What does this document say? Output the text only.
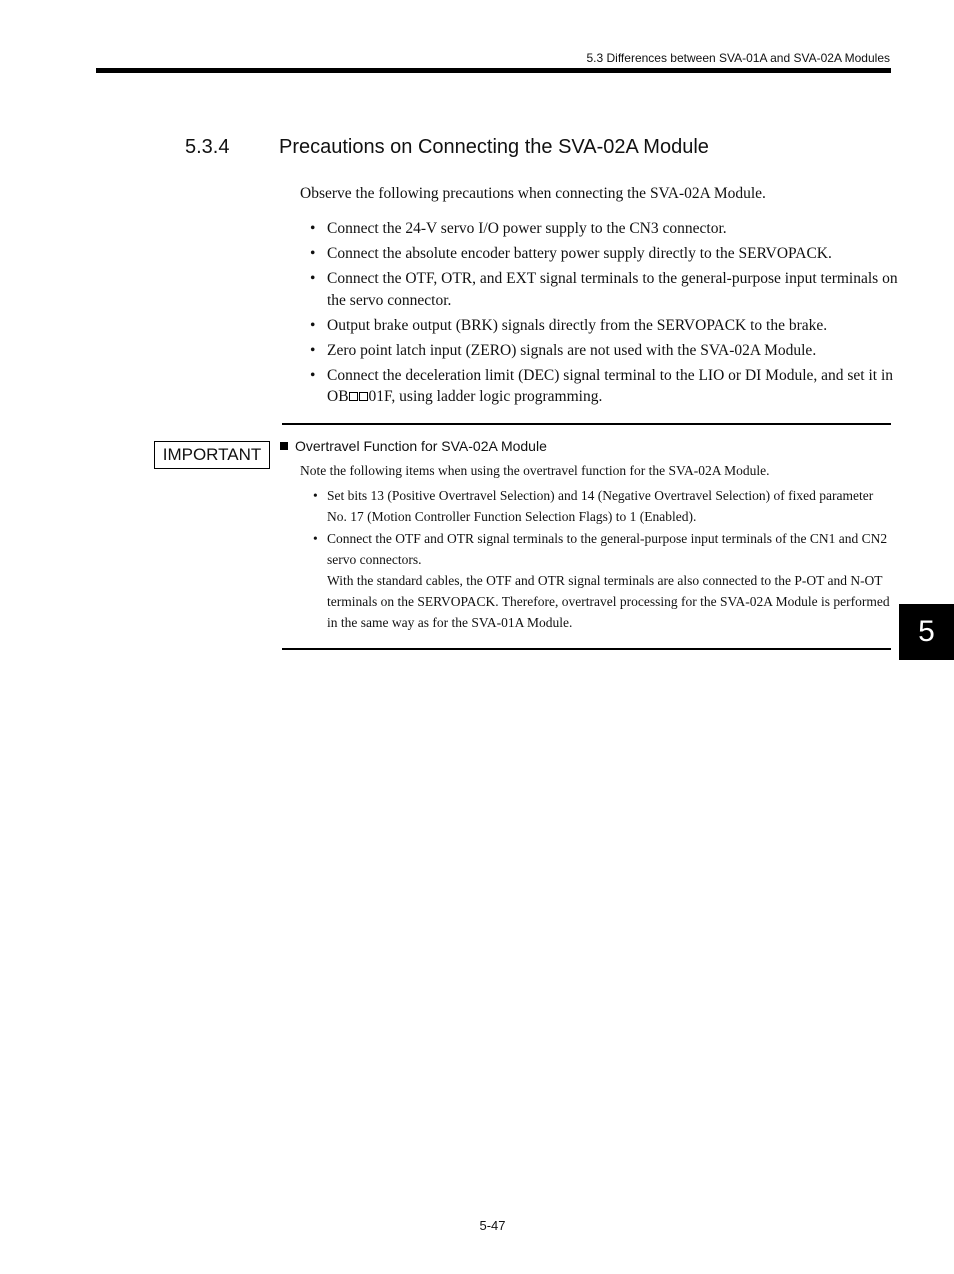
5.3 Differences between SVA-01A and SVA-02A Modules
5.3.4 Precautions on Connecting the SVA-02A Module
Observe the following precautions when connecting the SVA-02A Module.
• Connect the 24-V servo I/O power supply to the CN3 connector.
• Connect the absolute encoder battery power supply directly to the SERVOPACK.
• Connect the OTF, OTR, and EXT signal terminals to the general-purpose input terminals on the servo connector.
• Output brake output (BRK) signals directly from the SERVOPACK to the brake.
• Zero point latch input (ZERO) signals are not used with the SVA-02A Module.
• Connect the deceleration limit (DEC) signal terminal to the LIO or DI Module, and set it in OB 01F, using ladder logic programming.
IMPORTANT	Overtravel Function for SVA-02A Module
Note the following items when using the overtravel function for the SVA-02A Module.
• Set bits 13 (Positive Overtravel Selection) and 14 (Negative Overtravel Selection) of fixed parameter No. 17 (Motion Controller Function Selection Flags) to 1 (Enabled).
• Connect the OTF and OTR signal terminals to the general-purpose input terminals of the CN1 and CN2 servo connectors.
With the standard cables, the OTF and OTR signal terminals are also connected to the P-OT and N-OT terminals on the SERVOPACK. Therefore, overtravel processing for the SVA-02A Module is performed in the same way as for the SVA-01A Module.	5
5-47
